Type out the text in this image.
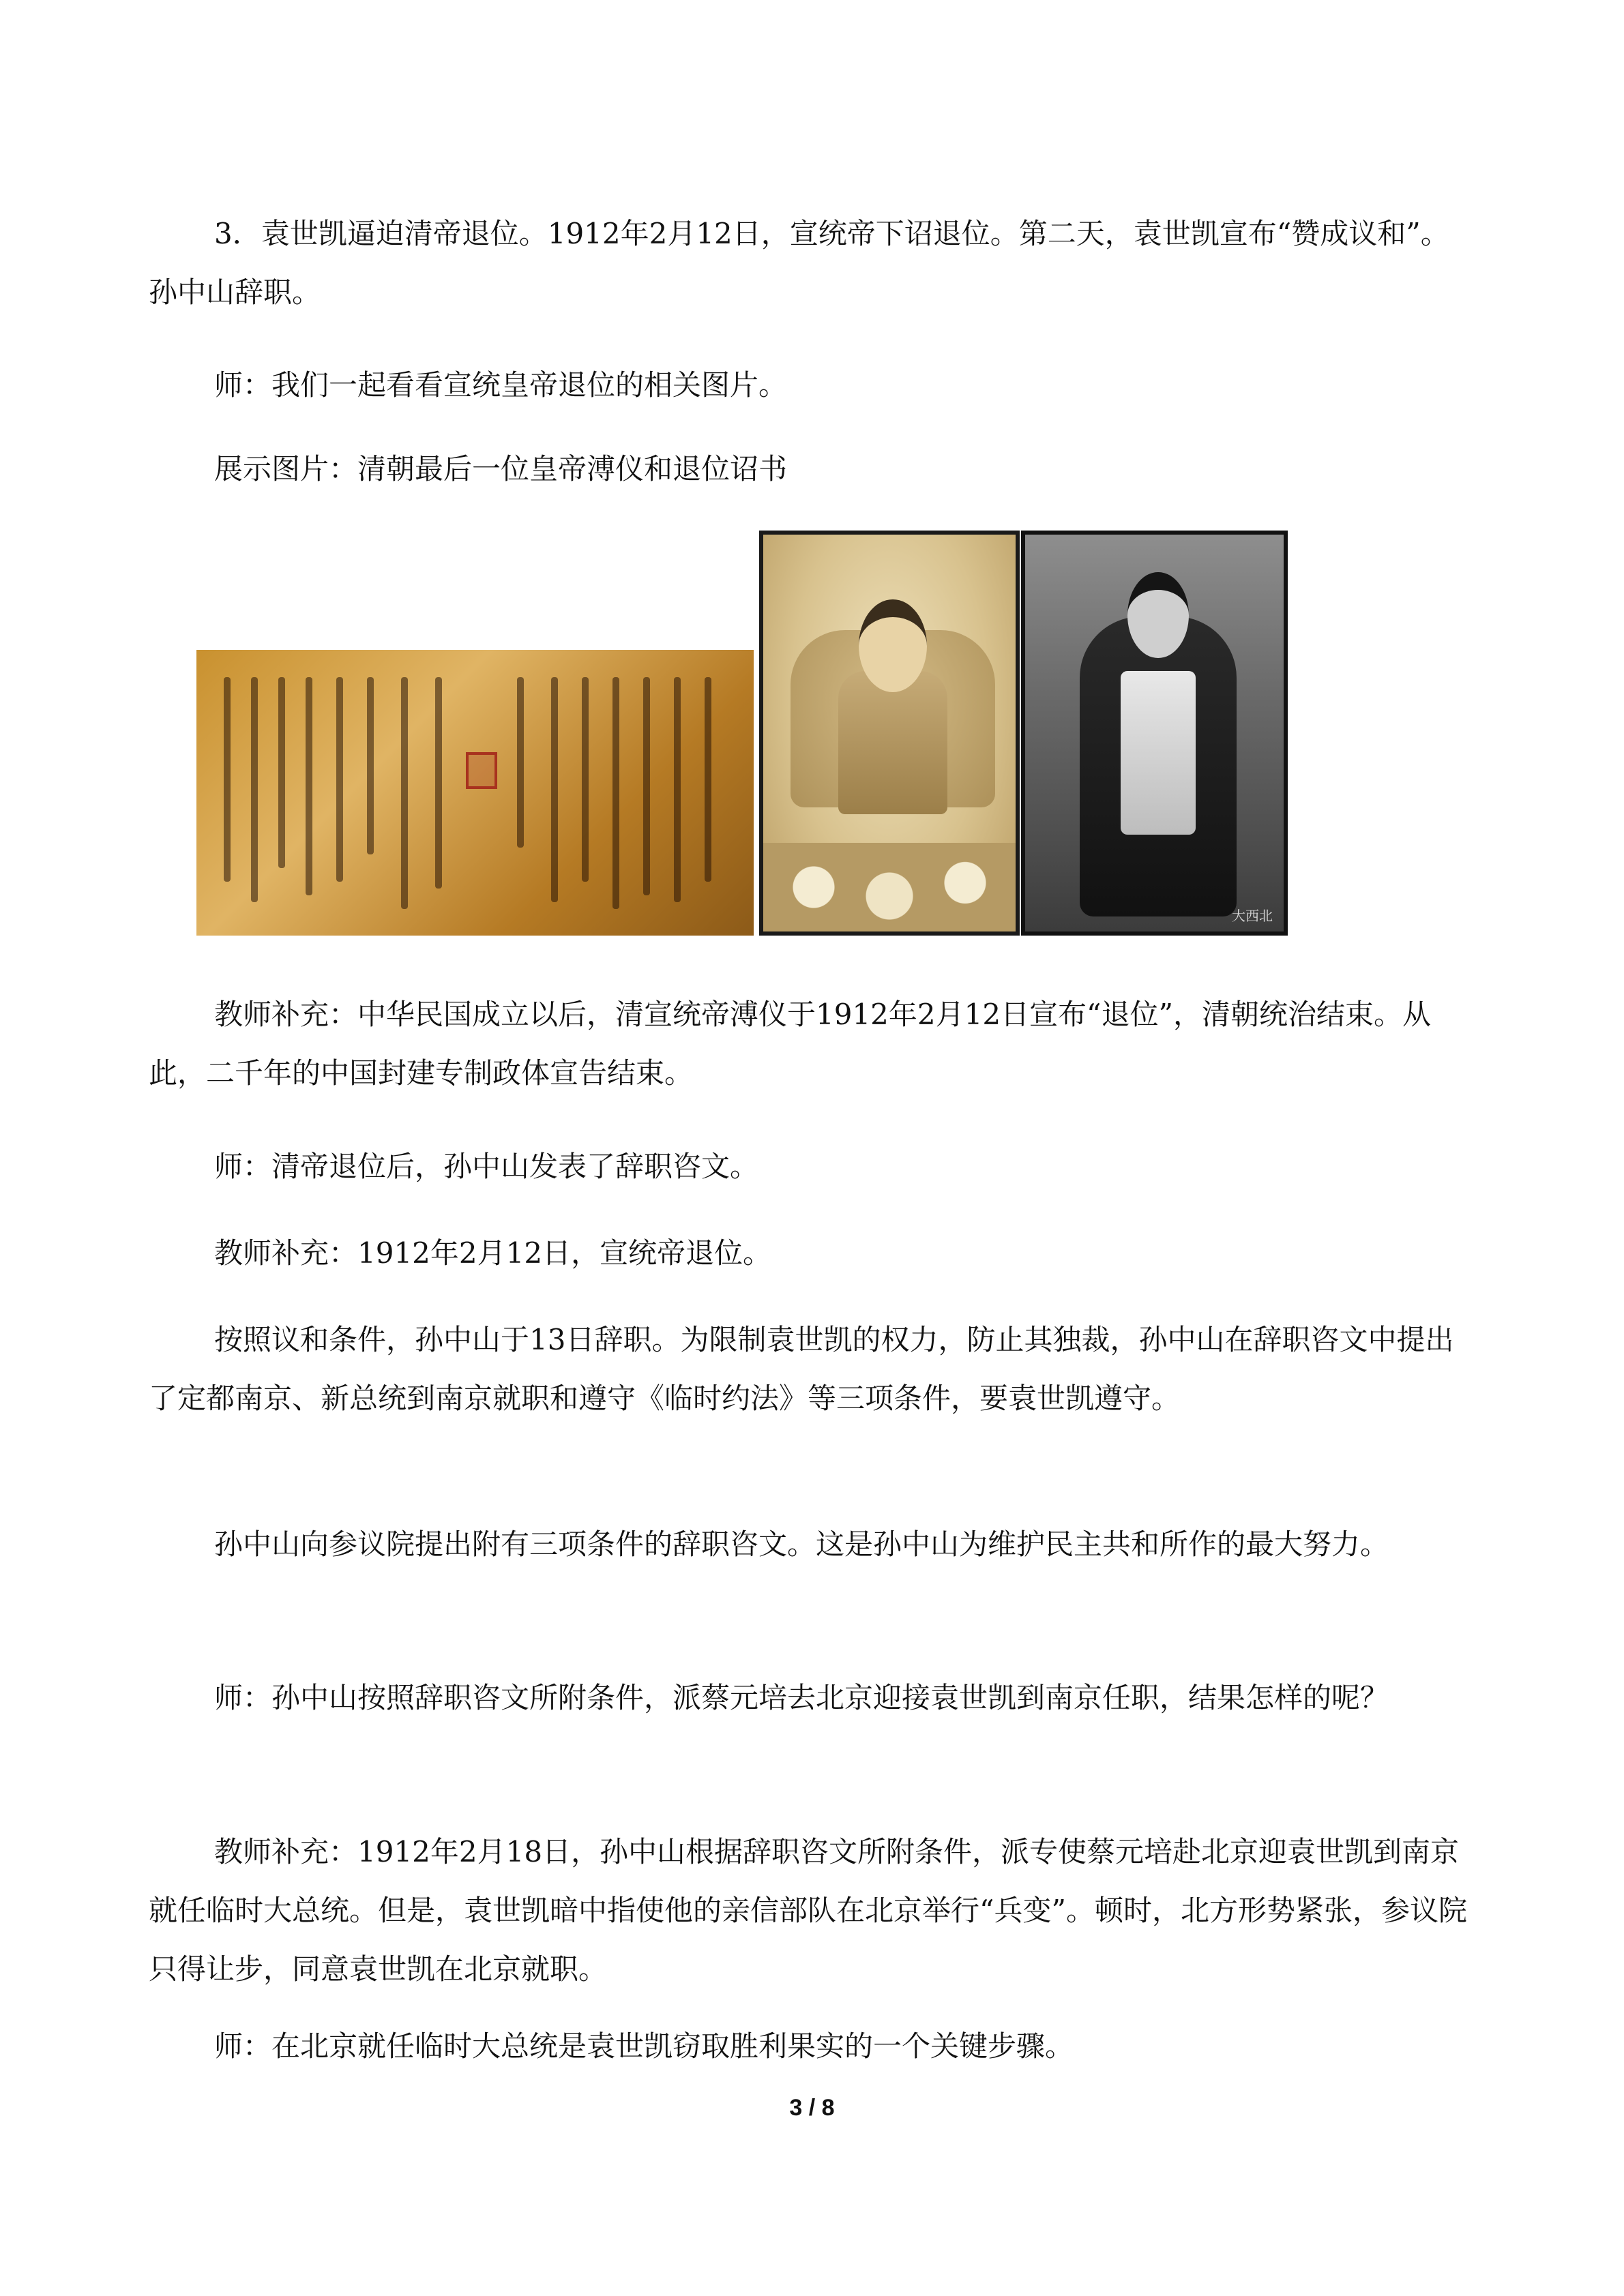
3．袁世凯逼迫清帝退位。1912年2月12日，宣统帝下诏退位。第二天，袁世凯宣布“赞成议和”。孙中山辞职。

师：我们一起看看宣统皇帝退位的相关图片。

展示图片：清朝最后一位皇帝溥仪和退位诏书

大西北

教师补充：中华民国成立以后，清宣统帝溥仪于1912年2月12日宣布“退位”，清朝统治结束。从此，二千年的中国封建专制政体宣告结束。

师：清帝退位后，孙中山发表了辞职咨文。

教师补充：1912年2月12日，宣统帝退位。

按照议和条件，孙中山于13日辞职。为限制袁世凯的权力，防止其独裁，孙中山在辞职咨文中提出了定都南京、新总统到南京就职和遵守《临时约法》等三项条件，要袁世凯遵守。

孙中山向参议院提出附有三项条件的辞职咨文。这是孙中山为维护民主共和所作的最大努力。

师：孙中山按照辞职咨文所附条件，派蔡元培去北京迎接袁世凯到南京任职，结果怎样的呢？

教师补充：1912年2月18日，孙中山根据辞职咨文所附条件，派专使蔡元培赴北京迎袁世凯到南京就任临时大总统。但是，袁世凯暗中指使他的亲信部队在北京举行“兵变”。顿时，北方形势紧张，参议院只得让步，同意袁世凯在北京就职。

师：在北京就任临时大总统是袁世凯窃取胜利果实的一个关键步骤。

3 / 8
